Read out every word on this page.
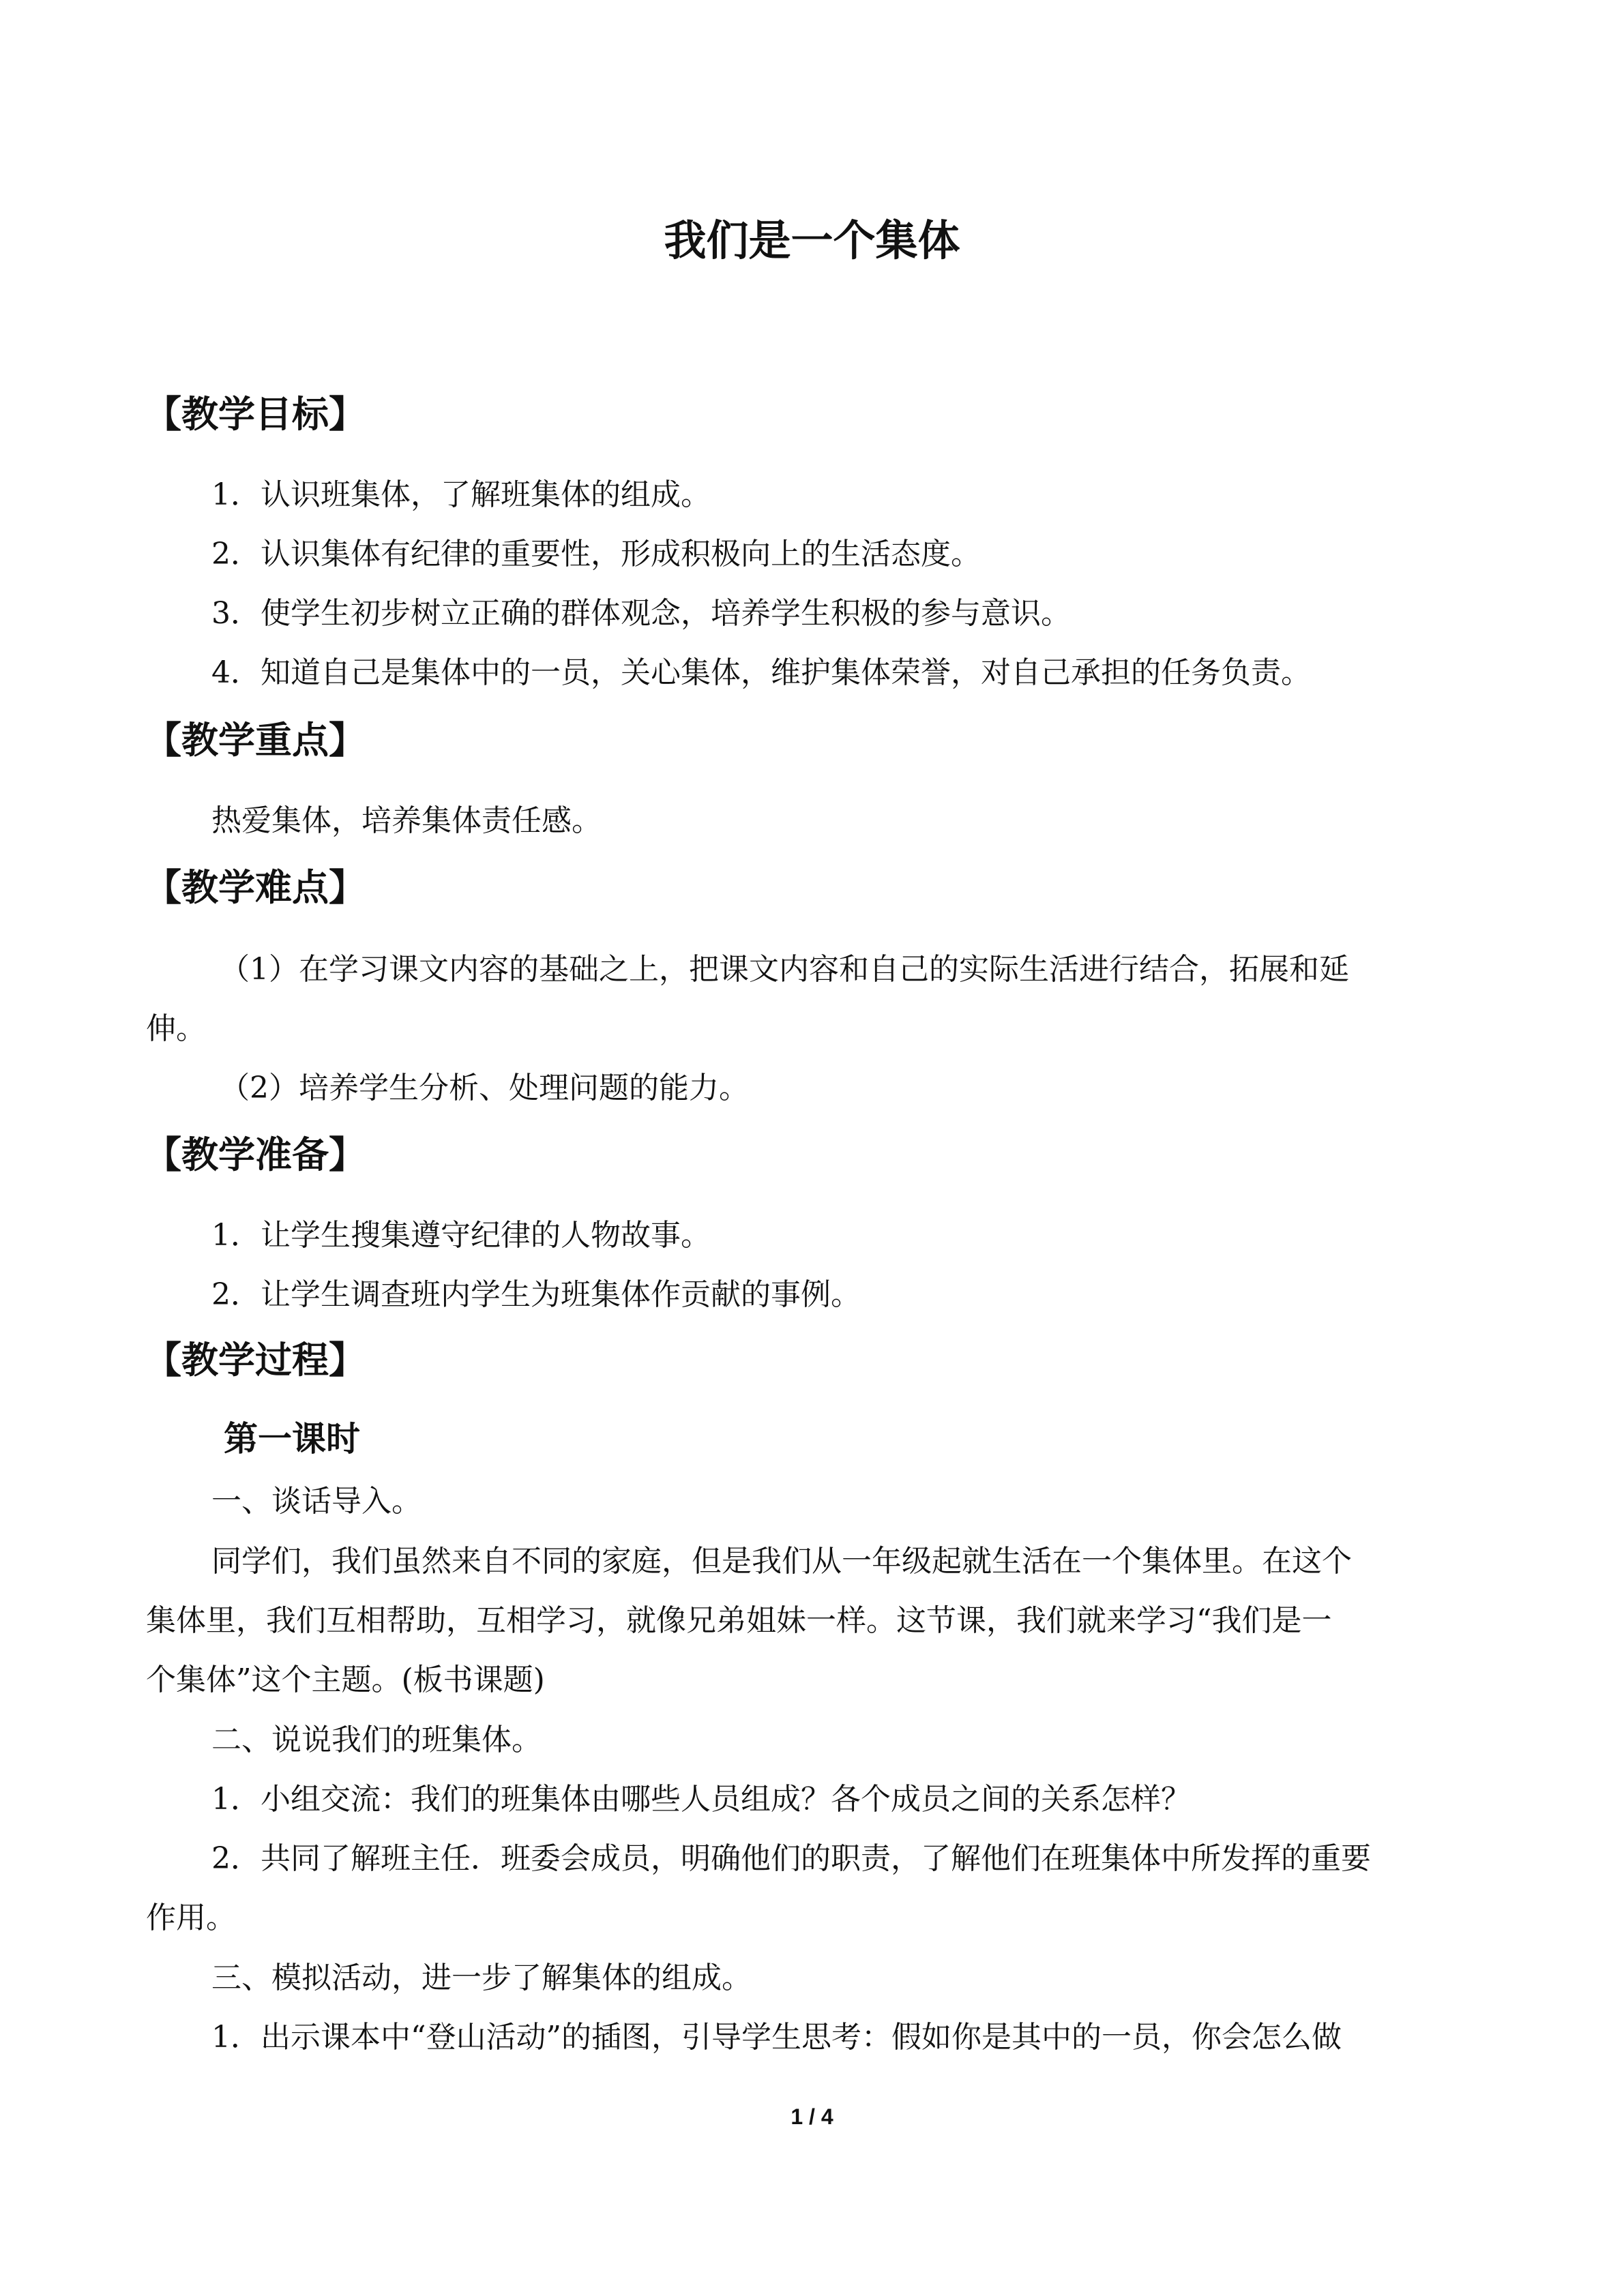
我们是一个集体
【教学目标】

1．认识班集体，了解班集体的组成。

2．认识集体有纪律的重要性，形成积极向上的生活态度。

3．使学生初步树立正确的群体观念，培养学生积极的参与意识。

4．知道自己是集体中的一员，关心集体，维护集体荣誉，对自己承担的任务负责。

【教学重点】

热爱集体，培养集体责任感。

【教学难点】

（1）在学习课文内容的基础之上，把课文内容和自己的实际生活进行结合，拓展和延

伸。

（2）培养学生分析、处理问题的能力。

【教学准备】

1．让学生搜集遵守纪律的人物故事。

2．让学生调查班内学生为班集体作贡献的事例。

【教学过程】
第一课时

一、谈话导入。

同学们，我们虽然来自不同的家庭，但是我们从一年级起就生活在一个集体里。在这个

集体里，我们互相帮助，互相学习，就像兄弟姐妹一样。这节课，我们就来学习“我们是一

个集体”这个主题。(板书课题)

二、说说我们的班集体。

1．小组交流：我们的班集体由哪些人员组成？各个成员之间的关系怎样？

2．共同了解班主任．班委会成员，明确他们的职责，了解他们在班集体中所发挥的重要

作用。

三、模拟活动，进一步了解集体的组成。

1．出示课本中“登山活动”的插图，引导学生思考：假如你是其中的一员，你会怎么做

1 / 4
